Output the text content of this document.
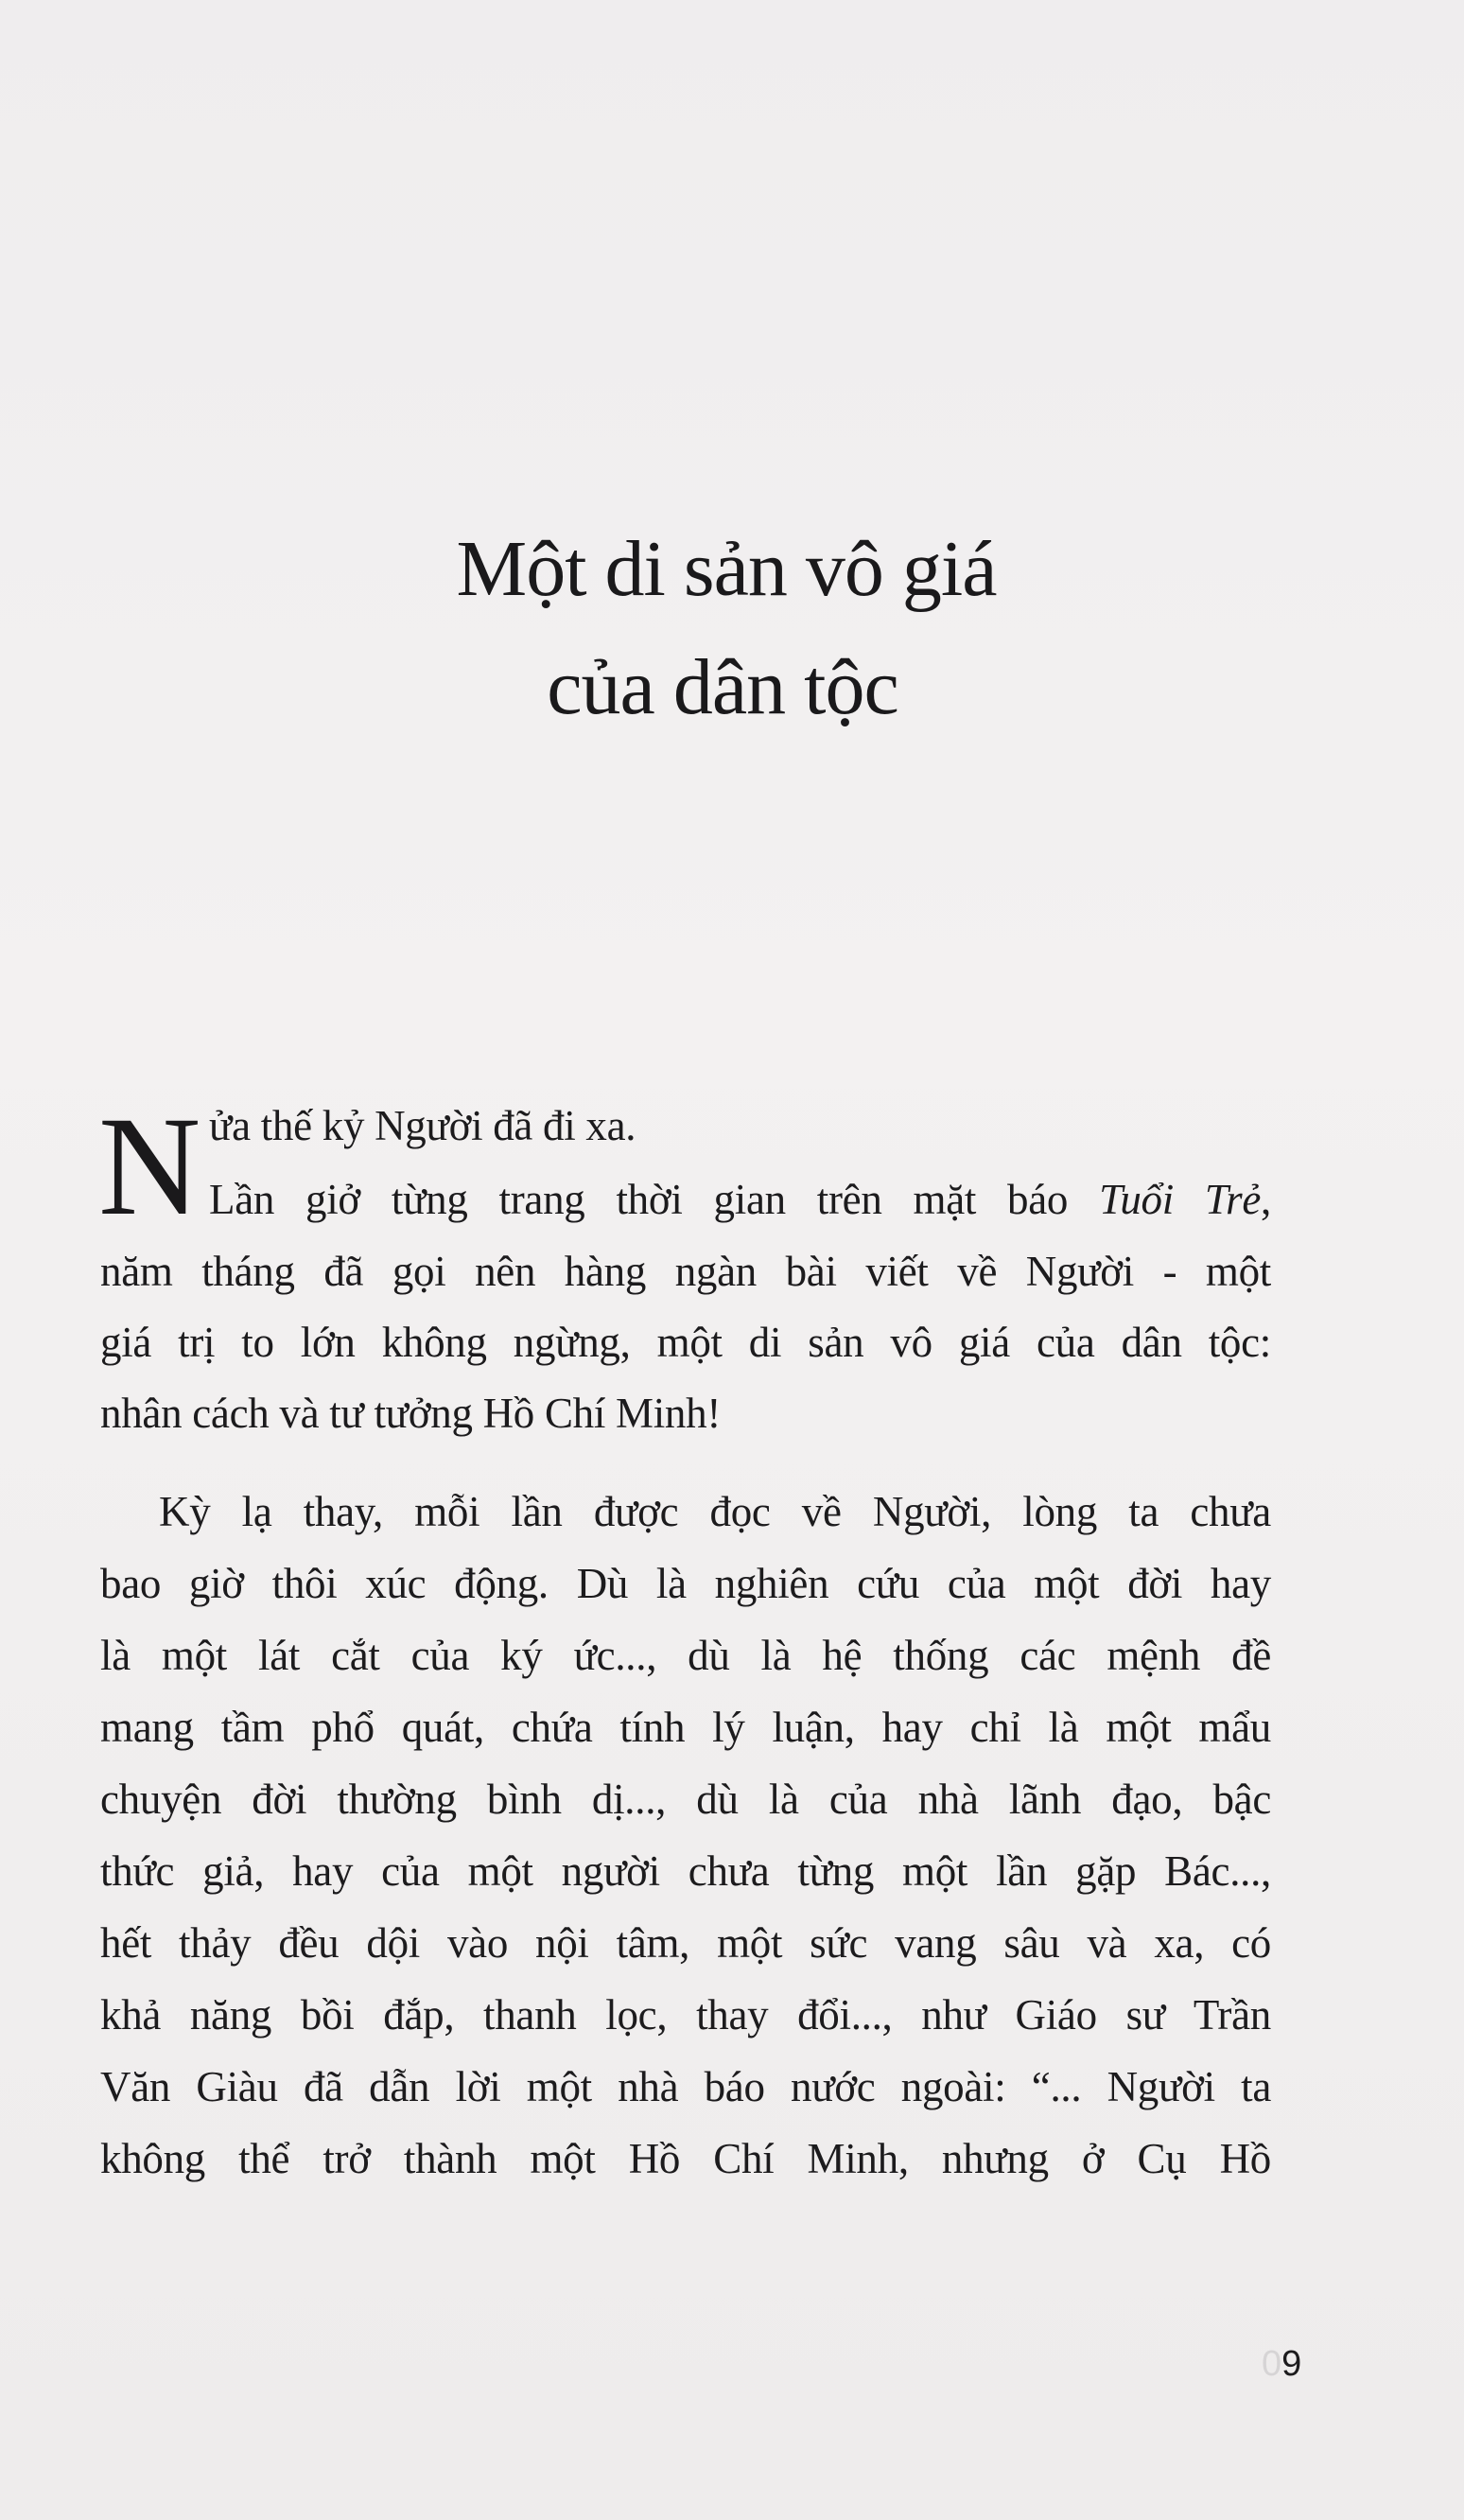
Một di sản vô giá
của dân tộc
N ửa thế kỷ Người đã đi xa.
Lần giở từng trang thời gian trên mặt báo Tuổi Trẻ,
năm tháng đã gọi nên hàng ngàn bài viết về Người - một
giá trị to lớn không ngừng, một di sản vô giá của dân tộc:
nhân cách và tư tưởng Hồ Chí Minh!
Kỳ lạ thay, mỗi lần được đọc về Người, lòng ta chưa
bao giờ thôi xúc động. Dù là nghiên cứu của một đời hay
là một lát cắt của ký ức..., dù là hệ thống các mệnh đề
mang tầm phổ quát, chứa tính lý luận, hay chỉ là một mẩu
chuyện đời thường bình dị..., dù là của nhà lãnh đạo, bậc
thức giả, hay của một người chưa từng một lần gặp Bác...,
hết thảy đều dội vào nội tâm, một sức vang sâu và xa, có
khả năng bồi đắp, thanh lọc, thay đổi..., như Giáo sư Trần
Văn Giàu đã dẫn lời một nhà báo nước ngoài: “... Người ta
không thể trở thành một Hồ Chí Minh, nhưng ở Cụ Hồ
09
